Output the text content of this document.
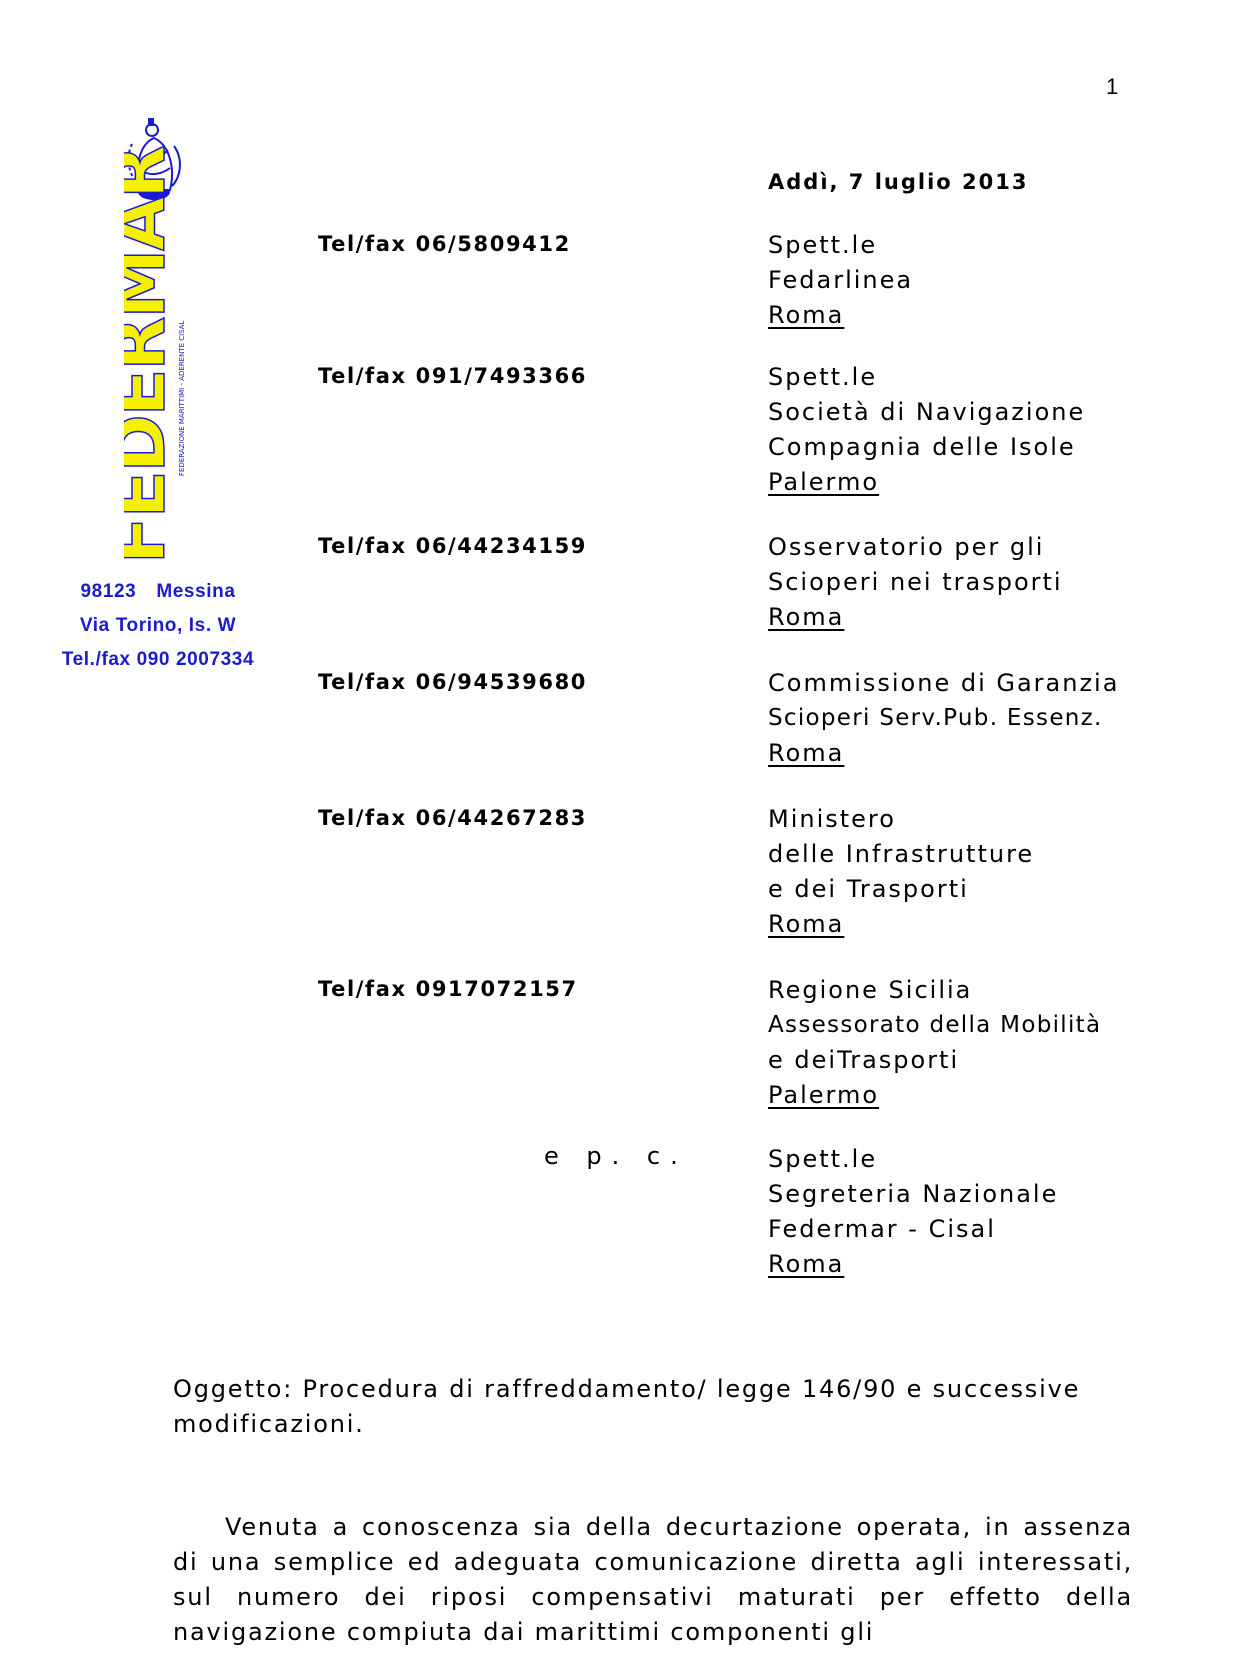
1
FEDERMAR
FEDERAZIONE MARITTIMI - ADERENTE CISAL
98123 Messina
Via Torino, Is. W
Tel./fax 090 2007334
Addì, 7 luglio 2013
Tel/fax 06/5809412	Spett.le
Fedarlinea
Roma
Tel/fax 091/7493366	Spett.le
Società di Navigazione
Compagnia delle Isole
Palermo
Tel/fax 06/44234159	Osservatorio per gli
Scioperi nei trasporti
Roma
Tel/fax 06/94539680	Commissione di Garanzia
Scioperi Serv.Pub. Essenz.
Roma
Tel/fax 06/44267283	Ministero
delle Infrastrutture
e dei Trasporti
Roma
Tel/fax 0917072157	Regione Sicilia
Assessorato della Mobilità
e deiTrasporti
Palermo
e p. c.	Spett.le
Segreteria Nazionale
Federmar - Cisal
Roma
Oggetto: Procedura di raffreddamento/ legge 146/90 e successive modificazioni.
Venuta a conoscenza sia della decurtazione operata, in assenza di una semplice ed adeguata comunicazione diretta agli interessati, sul numero dei riposi compensativi maturati per effetto della navigazione compiuta dai marittimi componenti gli
